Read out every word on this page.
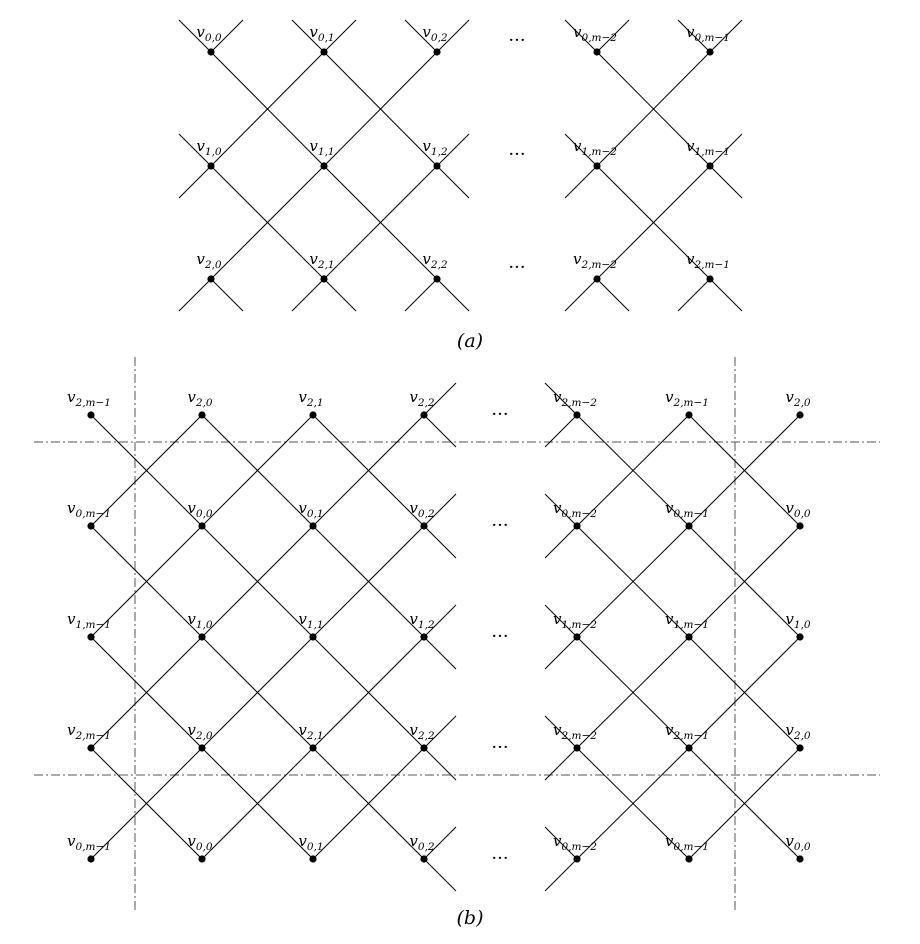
$v_{0,0}$
$v_{1,0}$
$v_{2,0}$
$v_{0,1}$
$v_{1,1}$
$v_{2,1}$
$v_{0,2}$
$v_{1,2}$
$v_{2,2}$
$v_{0,m-2}$
$v_{1,m-2}$
$v_{2,m-2}$
$v_{0,m-1}$
$v_{1,m-1}$
$v_{2,m-1}$
···
···
···
(a)
$v_{2,m-1}$
$v_{0,m-1}$
$v_{1,m-1}$
$v_{2,m-1}$
$v_{0,m-1}$
$v_{2,0}$
$v_{0,0}$
$v_{1,0}$
$v_{2,0}$
$v_{0,0}$
$v_{2,1}$
$v_{0,1}$
$v_{1,1}$
$v_{2,1}$
$v_{0,1}$
$v_{2,2}$
$v_{0,2}$
$v_{1,2}$
$v_{2,2}$
$v_{0,2}$
$v_{2,m-2}$
$v_{0,m-2}$
$v_{1,m-2}$
$v_{2,m-2}$
$v_{0,m-2}$
$v_{2,m-1}$
$v_{0,m-1}$
$v_{1,m-1}$
$v_{2,m-1}$
$v_{0,m-1}$
$v_{2,0}$
$v_{0,0}$
$v_{1,0}$
$v_{2,0}$
$v_{0,0}$
···
···
···
···
···
(b)
